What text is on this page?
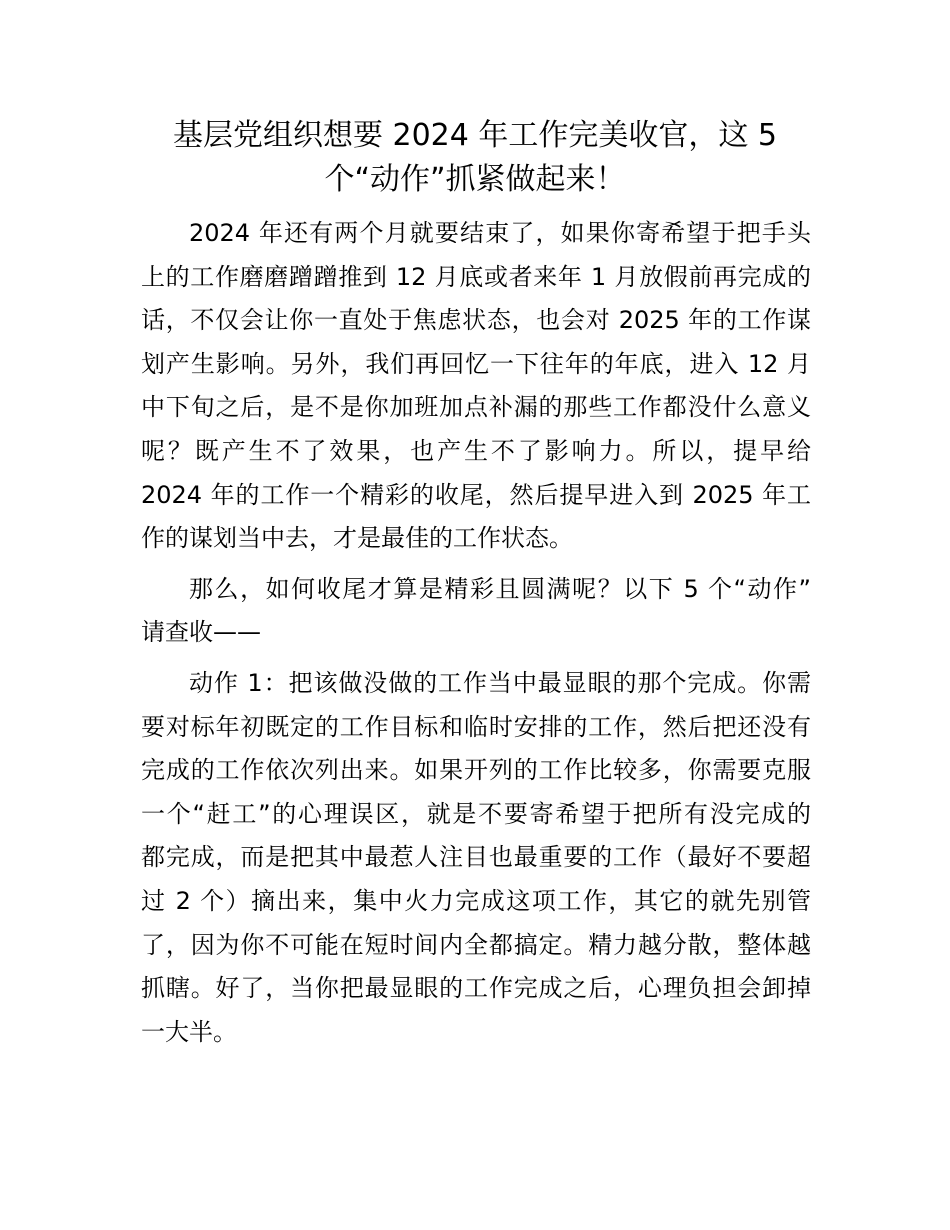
基层党组织想要 2024 年工作完美收官，这 5
个“动作”抓紧做起来！

2024 年还有两个月就要结束了，如果你寄希望于把手头
上的工作磨磨蹭蹭推到 12 月底或者来年 1 月放假前再完成的
话，不仅会让你一直处于焦虑状态，也会对 2025 年的工作谋
划产生影响。另外，我们再回忆一下往年的年底，进入 12 月
中下旬之后，是不是你加班加点补漏的那些工作都没什么意义
呢？既产生不了效果，也产生不了影响力。所以，提早给
2024 年的工作一个精彩的收尾，然后提早进入到 2025 年工
作的谋划当中去，才是最佳的工作状态。

那么，如何收尾才算是精彩且圆满呢？以下 5 个“动作”
请查收——

动作 1：把该做没做的工作当中最显眼的那个完成。你需
要对标年初既定的工作目标和临时安排的工作，然后把还没有
完成的工作依次列出来。如果开列的工作比较多，你需要克服
一个“赶工”的心理误区，就是不要寄希望于把所有没完成的
都完成，而是把其中最惹人注目也最重要的工作（最好不要超
过 2 个）摘出来，集中火力完成这项工作，其它的就先别管
了，因为你不可能在短时间内全都搞定。精力越分散，整体越
抓瞎。好了，当你把最显眼的工作完成之后，心理负担会卸掉
一大半。
